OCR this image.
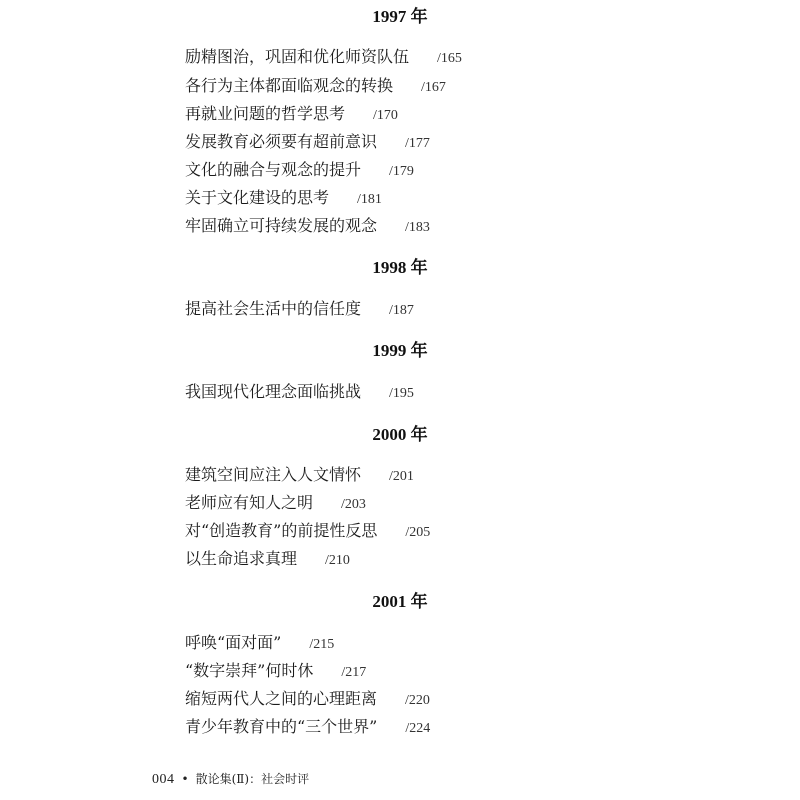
1997 年
励精图治，巩固和优化师资队伍 /165
各行为主体都面临观念的转换 /167
再就业问题的哲学思考 /170
发展教育必须要有超前意识 /177
文化的融合与观念的提升 /179
关于文化建设的思考 /181
牢固确立可持续发展的观念 /183
1998 年
提高社会生活中的信任度 /187
1999 年
我国现代化理念面临挑战 /195
2000 年
建筑空间应注入人文情怀 /201
老师应有知人之明 /203
对“创造教育”的前提性反思 /205
以生命追求真理 /210
2001 年
呼唤“面对面” /215
“数字崇拜”何时休 /217
缩短两代人之间的心理距离 /220
青少年教育中的“三个世界” /224
004 • 散论集(Ⅱ)：社会时评
